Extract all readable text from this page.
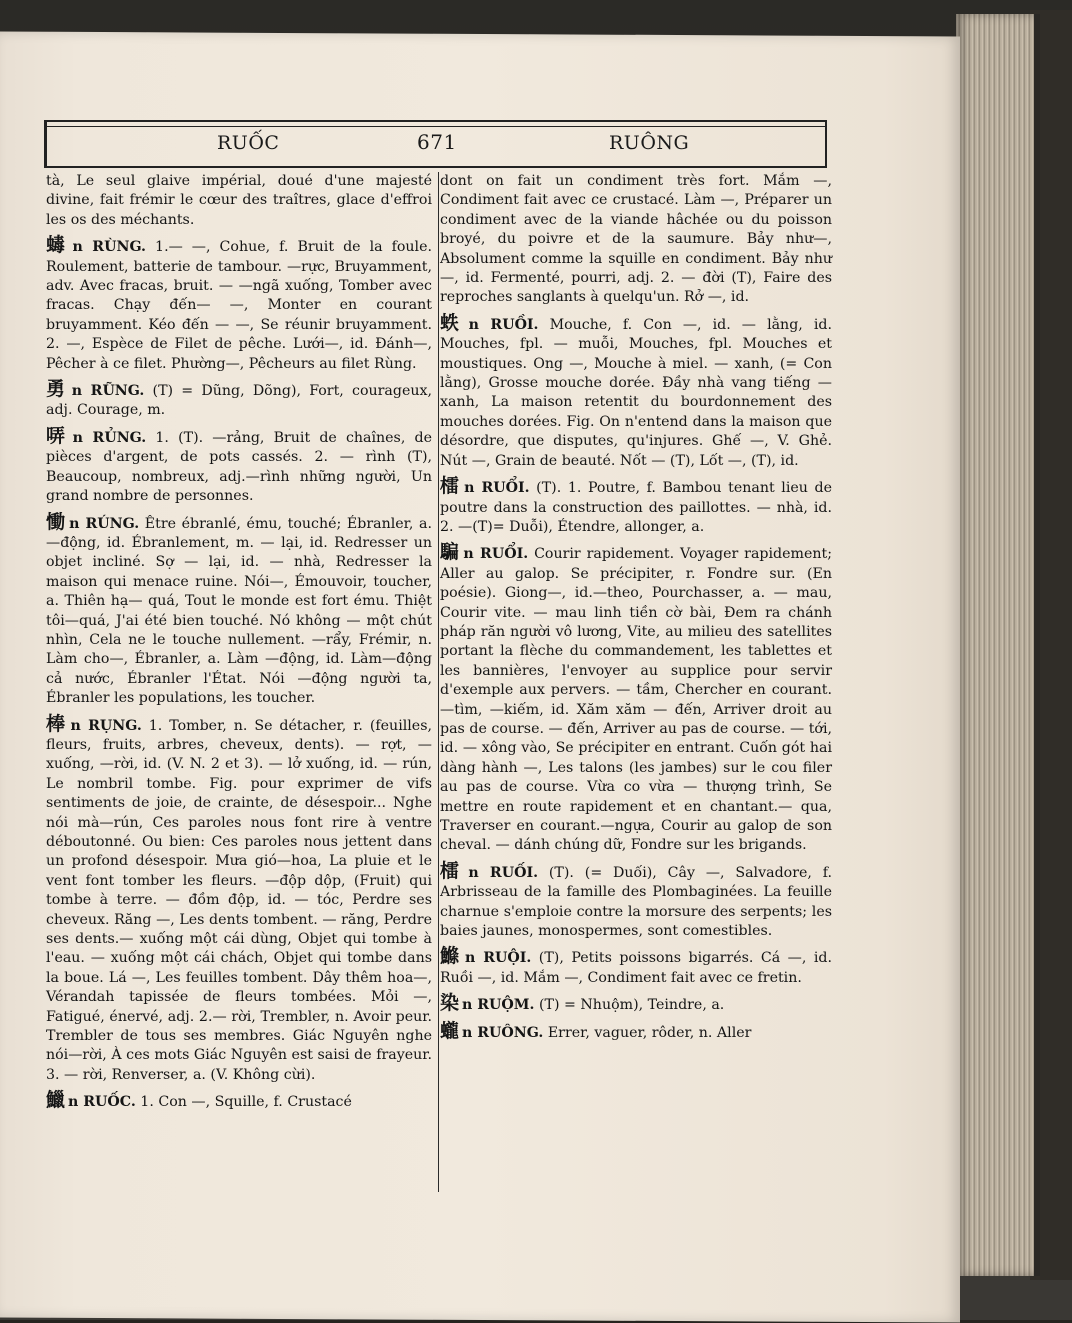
RUỐC	671	RUÔNG

tà, Le seul glaive impérial, doué d'une majesté divine, fait frémir le cœur des traîtres, glace d'effroi les os des méchants.

蝳 n RÙNG. 1.— —, Cohue, f. Bruit de la foule. Roulement, batterie de tambour. —rực, Bruyamment, adv. Avec fracas, bruit. — —ngã xuống, Tomber avec fracas. Chạy đến— —, Monter en courant bruyamment. Kéo đến — —, Se réunir bruyamment. 2. —, Espèce de Filet de pêche. Lưới—, id. Đánh—, Pêcher à ce filet. Phường—, Pêcheurs au filet Rùng.

勇 n RŨNG. (T) = Dũng, Dõng), Fort, courageux, adj. Courage, m.

哢 n RỦNG. 1. (T). —rảng, Bruit de chaînes, de pièces d'argent, de pots cassés. 2. — rình (T), Beaucoup, nombreux, adj.—rình những người, Un grand nombre de personnes.

慟 n RÚNG. Être ébranlé, ému, touché; Ébranler, a. —động, id. Ébranlement, m. — lại, id. Redresser un objet incliné. Sợ — lại, id. — nhà, Redresser la maison qui menace ruine. Nói—, Émouvoir, toucher, a. Thiên hạ— quá, Tout le monde est fort ému. Thiệt tôi—quá, J'ai été bien touché. Nó không — một chút nhìn, Cela ne le touche nullement. —rẩy, Frémir, n. Làm cho—, Ébranler, a. Làm —động, id. Làm—động cả nước, Ébranler l'État. Nói —động người ta, Ébranler les populations, les toucher.

棒 n RỤNG. 1. Tomber, n. Se détacher, r. (feuilles, fleurs, fruits, arbres, cheveux, dents). — rợt, — xuống, —rời, id. (V. N. 2 et 3). — lở xuống, id. — rún, Le nombril tombe. Fig. pour exprimer de vifs sentiments de joie, de crainte, de désespoir... Nghe nói mà—rún, Ces paroles nous font rire à ventre déboutonné. Ou bien: Ces paroles nous jettent dans un profond désespoir. Mưa gió—hoa, La pluie et le vent font tomber les fleurs. —độp dộp, (Fruit) qui tombe à terre. — đồm độp, id. — tóc, Perdre ses cheveux. Răng —, Les dents tombent. — răng, Perdre ses dents.— xuống một cái dùng, Objet qui tombe à l'eau. — xuống một cái chách, Objet qui tombe dans la boue. Lá —, Les feuilles tombent. Dây thêm hoa—, Vérandah tapissée de fleurs tombées. Mỏi —, Fatigué, énervé, adj. 2.— rời, Trembler, n. Avoir peur. Trembler de tous ses membres. Giác Nguyên nghe nói—rời, À ces mots Giác Nguyên est saisi de frayeur. 3. — rời, Renverser, a. (V. Không cừi).

鱲 n RUỐC. 1. Con —, Squille, f. Crustacé

dont on fait un condiment très fort. Mắm —, Condiment fait avec ce crustacé. Làm —, Préparer un condiment avec de la viande hâchée ou du poisson broyé, du poivre et de la saumure. Bảy như—, Absolument comme la squille en condiment. Bảy như —, id. Fermenté, pourri, adj. 2. — đời (T), Faire des reproches sanglants à quelqu'un. Rở —, id.

蛈 n RUỒI. Mouche, f. Con —, id. — lằng, id. Mouches, fpl. — muỗi, Mouches, fpl. Mouches et moustiques. Ong —, Mouche à miel. — xanh, (= Con lằng), Grosse mouche dorée. Đầy nhà vang tiếng — xanh, La maison retentit du bourdonnement des mouches dorées. Fig. On n'entend dans la maison que désordre, que disputes, qu'injures. Ghế —, V. Ghẻ. Nút —, Grain de beauté. Nốt — (T), Lốt —, (T), id.

檑 n RUỔI. (T). 1. Poutre, f. Bambou tenant lieu de poutre dans la construction des paillottes. — nhà, id. 2. —(T)= Duỗi), Étendre, allonger, a.

騙 n RUỔI. Courir rapidement. Voyager rapidement; Aller au galop. Se précipiter, r. Fondre sur. (En poésie). Giong—, id.—theo, Pourchasser, a. — mau, Courir vite. — mau linh tiền cờ bài, Đem ra chánh pháp răn người vô lương, Vite, au milieu des satellites portant la flèche du commandement, les tablettes et les bannières, l'envoyer au supplice pour servir d'exemple aux pervers. — tầm, Chercher en courant. —tìm, —kiếm, id. Xăm xăm — đến, Arriver droit au pas de course. — đến, Arriver au pas de course. — tới, id. — xông vào, Se précipiter en entrant. Cuốn gót hai dàng hành —, Les talons (les jambes) sur le cou filer au pas de course. Vừa co vừa — thượng trình, Se mettre en route rapidement et en chantant.— qua, Traverser en courant.—ngựa, Courir au galop de son cheval. — dánh chúng dữ, Fondre sur les brigands.

檑 n RUỐI. (T). (= Duối), Cây —, Salvadore, f. Arbrisseau de la famille des Plombaginées. La feuille charnue s'emploie contre la morsure des serpents; les baies jaunes, monospermes, sont comestibles.

鰷 n RUỘI. (T), Petits poissons bigarrés. Cá —, id. Ruồi —, id. Mắm —, Condiment fait avec ce fretin.

染 n RUỘM. (T) = Nhuộm), Teindre, a.

蠬 n RUÔNG. Errer, vaguer, rôder, n. Aller
